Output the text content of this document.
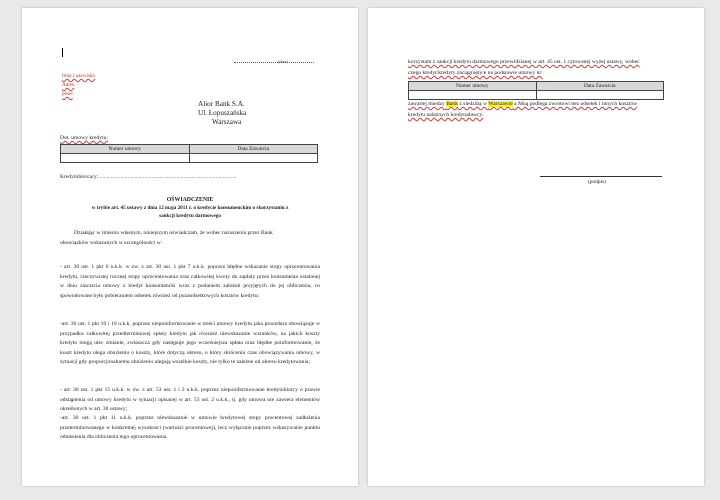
(data)
Imię i nazwisko
Adres
pesel
Alior Bank S.A.
Ul. Łopuszańska
Warszawa
Dot. umowy kredytu:
Numer umowy	Data Zawarcia

Kredytobiorca/y:...................................................................................................
OŚWIADCZENIE
w trybie art. 45 ustawy z dnia 12 maja 2011 r. o kredycie konsumenckim o skorzystaniu z
sankcji kredytu darmowego
Działając w imieniu własnym, niniejszym oświadczam, że wobec naruszenia przez Bank
obowiązków wskazanych w szczególności w:
- art. 30 ust. 1 pkt 6 u.k.k. w zw. z art. 30 ust. 1 pkt 7 u.k.k. poprzez błędne wskazanie stopy oprocentowania kredytu, rzeczywistej rocznej stopy oprocentowania oraz całkowitej kwoty do zapłaty przez konsumenta ustalonej w dniu zawarcia umowy z kredyt konsumencki wraz z podaniem założeń przyjętych do jej obliczenia, co spowodowane było pobieraniem odsetek również od pozaodsetkowych kosztów kredytu;
-art. 30 ust. 1 pkt 10 i 16 u.k.k. poprzez niepoinformowanie w treści umowy kredytu jaka procedura obowiązuje w przypadku całkowitej przedterminowej spłaty kredytu jak również niewskazanie warunków, na jakich koszty kredytu mogą ulec zmianie, zwłaszcza gdy następuje jego wcześniejsza spłata oraz błędne poinformowanie, że koszt kredytu ulega obniżeniu o koszty, które dotyczą okresu, o który skróceniu czas obowiązywania umowy, w sytuacji gdy proporcjonalnemu obniżeniu ulegają wszelkie koszty, nie tylko te zależne od okresu kredytowania;
- art. 30 ust. 1 pkt 15 u.k.k. w zw. z art. 53 ust. 1 i 2 u.k.k. poprzez niepoinformowanie kredytobiorcy o prawie odstąpienia od umowy kredytu w sytuacji opisanej w art. 53 ust. 2 u.k.k., tj. gdy umowa nie zawiera elementów określonych w art. 30 ustawy;
-art. 30 ust. 1 pkt 11 u.k.k. poprzez niewskazanie w umowie kredytowej stopy procentowej zadłużenia przeterminowanego w konkretnej wysokości (wartości procentowej), lecz wyłącznie poprzez wskazywanie punktu odniesienia dla obliczenia tego oprocentowania.
korzystam z sankcji kredytu darmowego przewidzianej w art. 45 ust. 1 cytowanej wyżej ustawy, wobec
czego kredyt/kredyty zaciągnięty/e na podstawie umowy nr:
Numer umowy	Data Zawarcia

zawartej miedzy Bank z siedzibą w Warszawie a Mną podlega zwrotowi bez odsetek i innych kosztów
kredytu należnych kredytodawcy.
(podpis)
